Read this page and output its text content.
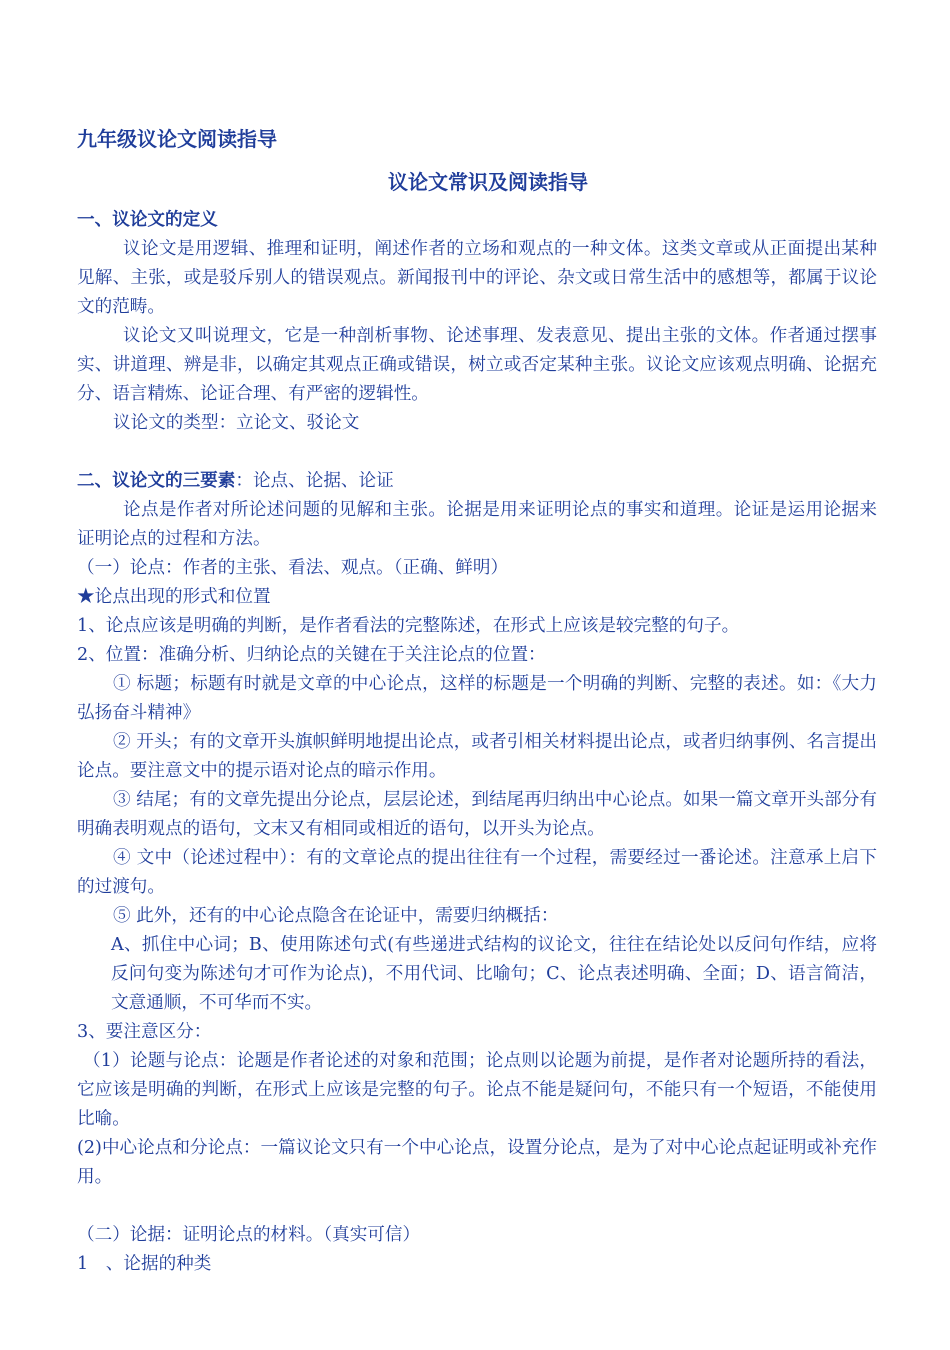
九年级议论文阅读指导
议论文常识及阅读指导

一、议论文的定义

议论文是用逻辑、推理和证明，阐述作者的立场和观点的一种文体。这类文章或从正面提出某种见解、主张，或是驳斥别人的错误观点。新闻报刊中的评论、杂文或日常生活中的感想等，都属于议论文的范畴。

议论文又叫说理文，它是一种剖析事物、论述事理、发表意见、提出主张的文体。作者通过摆事实、讲道理、辨是非，以确定其观点正确或错误，树立或否定某种主张。议论文应该观点明确、论据充分、语言精炼、论证合理、有严密的逻辑性。

议论文的类型：立论文、驳论文

二、议论文的三要素：论点、论据、论证

论点是作者对所论述问题的见解和主张。论据是用来证明论点的事实和道理。论证是运用论据来证明论点的过程和方法。

（一）论点：作者的主张、看法、观点。（正确、鲜明）

★论点出现的形式和位置

1、论点应该是明确的判断，是作者看法的完整陈述，在形式上应该是较完整的句子。

2、位置：准确分析、归纳论点的关键在于关注论点的位置：

① 标题；标题有时就是文章的中心论点，这样的标题是一个明确的判断、完整的表述。如：《大力弘扬奋斗精神》

② 开头；有的文章开头旗帜鲜明地提出论点，或者引相关材料提出论点，或者归纳事例、名言提出论点。要注意文中的提示语对论点的暗示作用。

③ 结尾；有的文章先提出分论点，层层论述，到结尾再归纳出中心论点。如果一篇文章开头部分有明确表明观点的语句，文末又有相同或相近的语句，以开头为论点。

④ 文中（论述过程中）：有的文章论点的提出往往有一个过程，需要经过一番论述。注意承上启下的过渡句。

⑤ 此外，还有的中心论点隐含在论证中，需要归纳概括：

A、抓住中心词；B、使用陈述句式(有些递进式结构的议论文，往往在结论处以反问句作结，应将反问句变为陈述句才可作为论点)，不用代词、比喻句；C、论点表述明确、全面；D、语言简洁，文意通顺，不可华而不实。

3、要注意区分：

（1）论题与论点：论题是作者论述的对象和范围；论点则以论题为前提，是作者对论题所持的看法，它应该是明确的判断，在形式上应该是完整的句子。论点不能是疑问句，不能只有一个短语，不能使用比喻。

(2)中心论点和分论点：一篇议论文只有一个中心论点，设置分论点，是为了对中心论点起证明或补充作用。

（二）论据：证明论点的材料。（真实可信）

1　、论据的种类
